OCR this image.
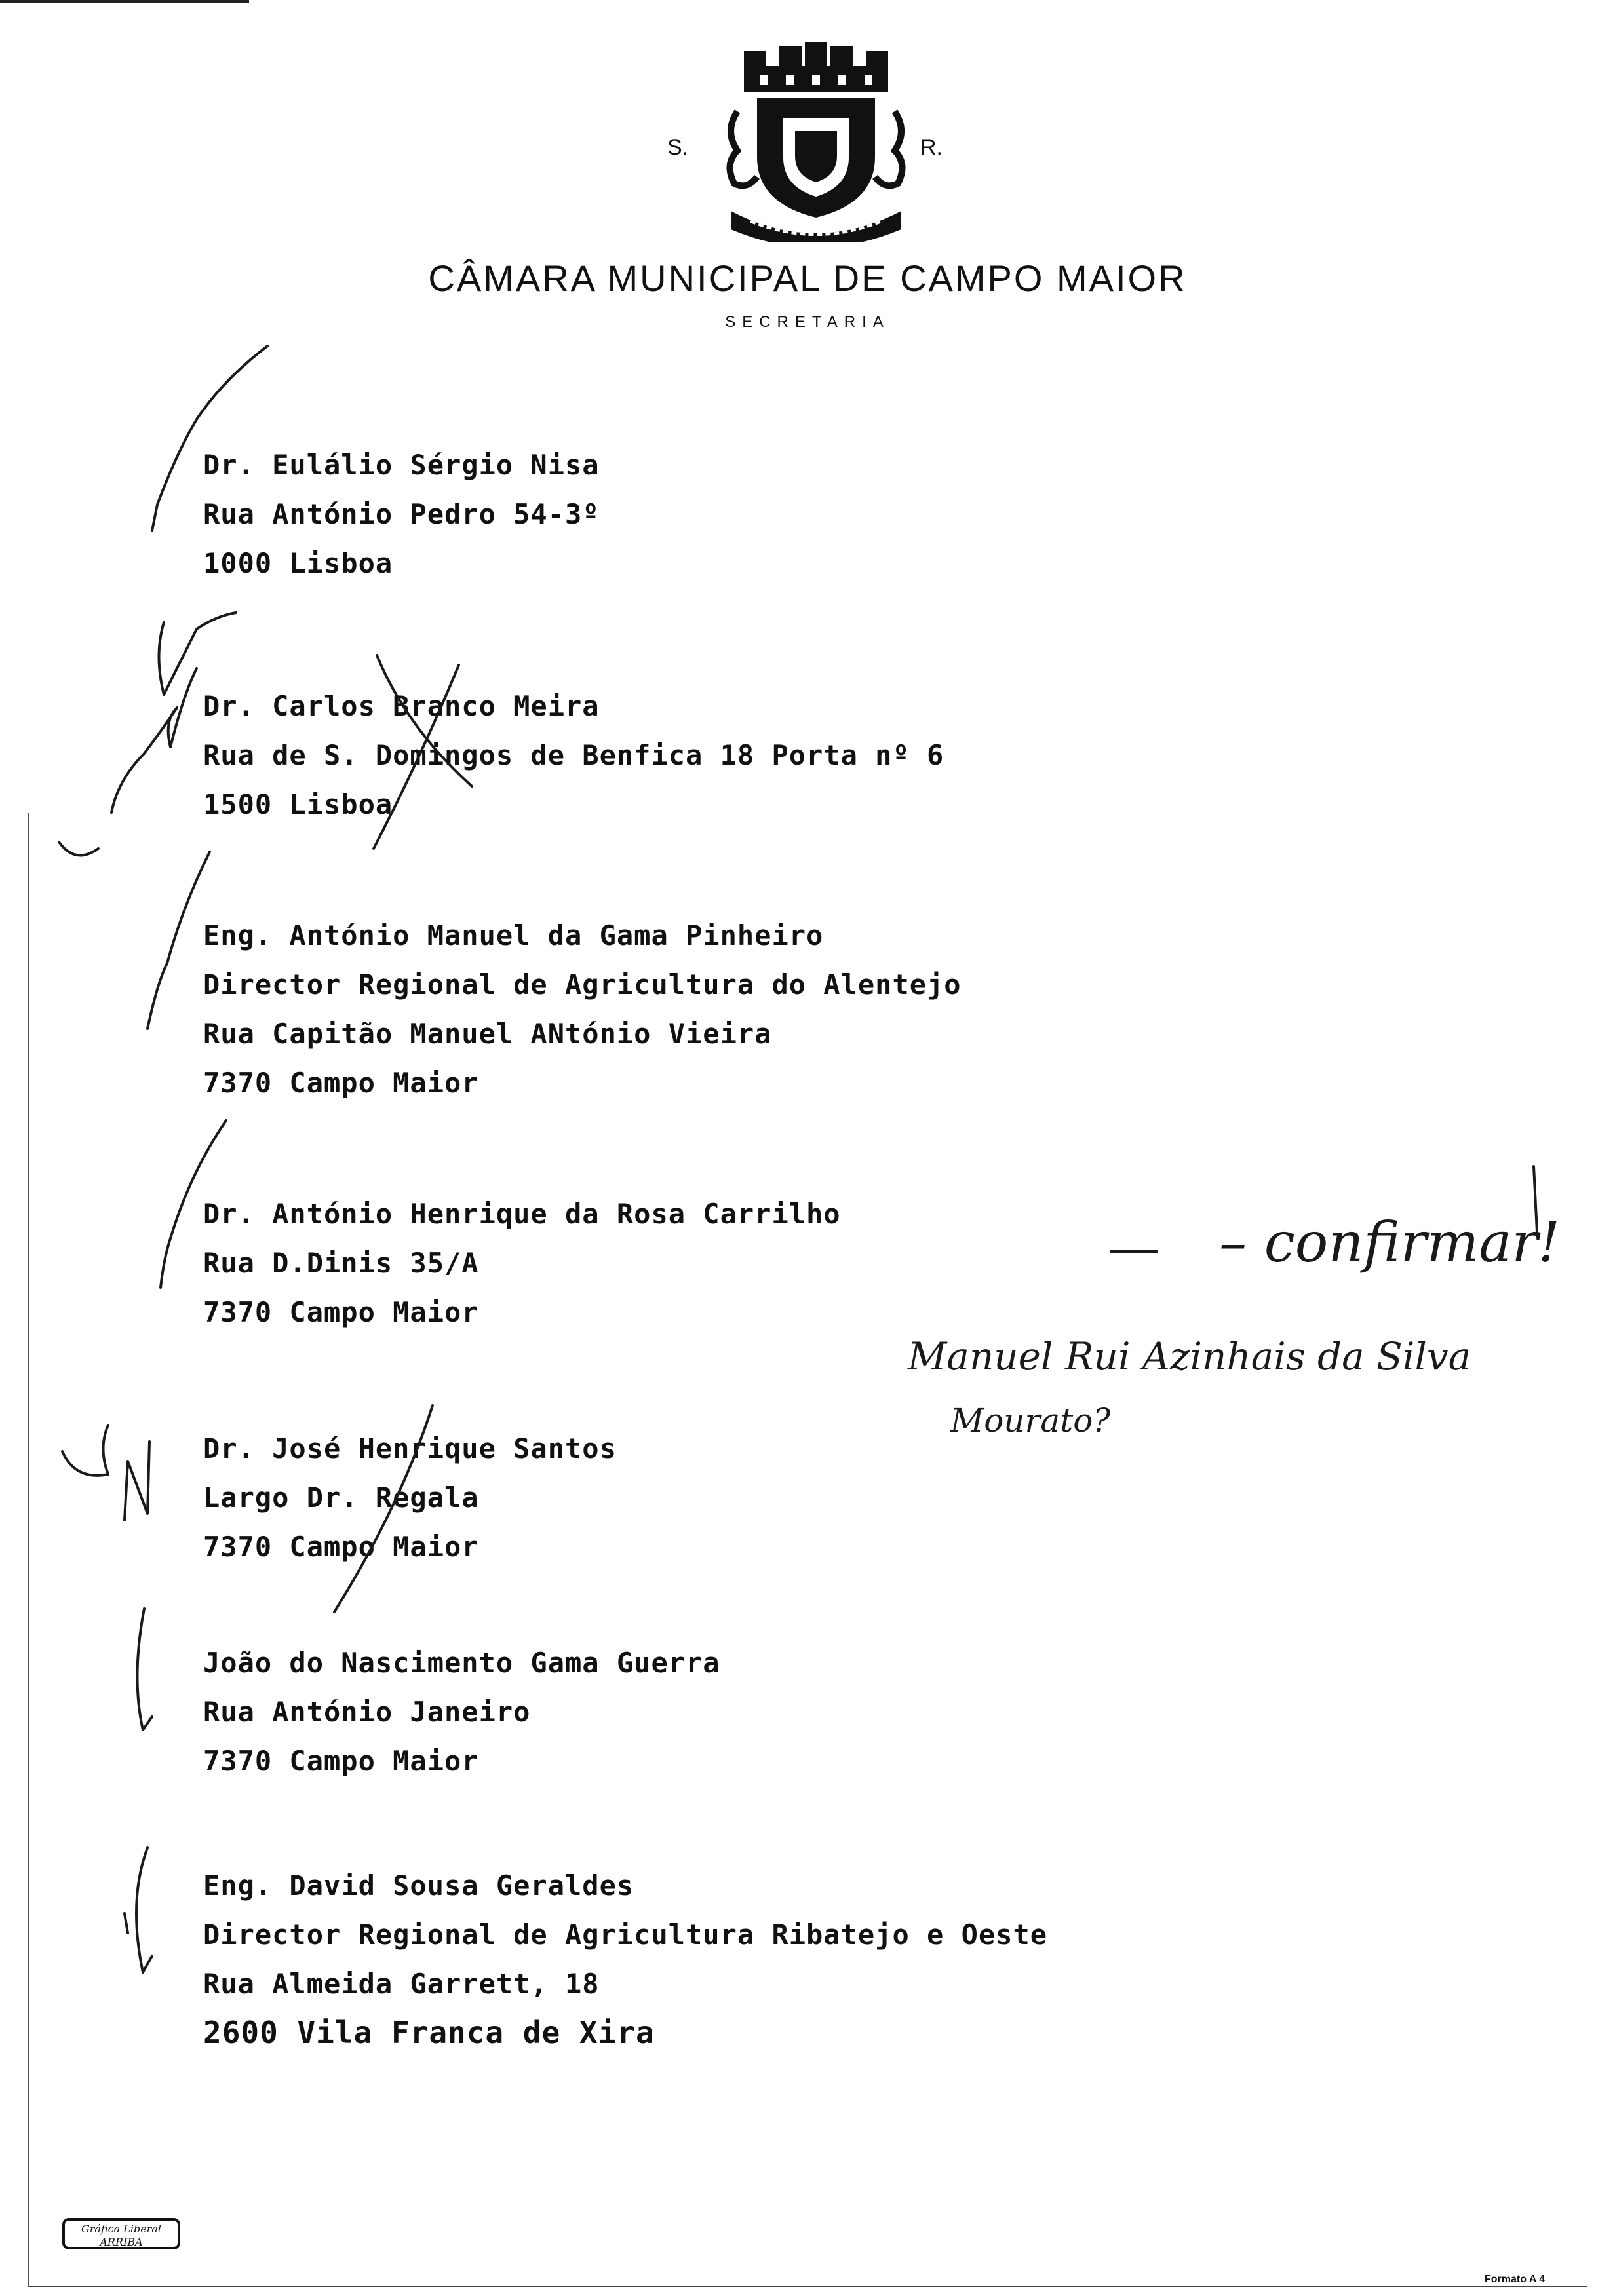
S.	R.
CÂMARA MUNICIPAL DE CAMPO MAIOR
SECRETARIA
Dr. Eulálio Sérgio Nisa
Rua António Pedro 54-3º
1000 Lisboa
Dr. Carlos Branco Meira
Rua de S. Domingos de Benfica 18 Porta nº 6
1500 Lisboa
Eng. António Manuel da Gama Pinheiro
Director Regional de Agricultura do Alentejo
Rua Capitão Manuel ANtónio Vieira
7370 Campo Maior
Dr. António Henrique da Rosa Carrilho
Rua D.Dinis 35/A
7370 Campo Maior
Dr. José Henrique Santos
Largo Dr. Regala
7370 Campo Maior
João do Nascimento Gama Guerra
Rua António Janeiro
7370 Campo Maior
Eng. David Sousa Geraldes
Director Regional de Agricultura Ribatejo e Oeste
Rua Almeida Garrett, 18
2600 Vila Franca de Xira
– confirmar!
Manuel Rui Azinhais da Silva
Mourato?
Gráfica Liberal ARRIBA
Formato A 4
